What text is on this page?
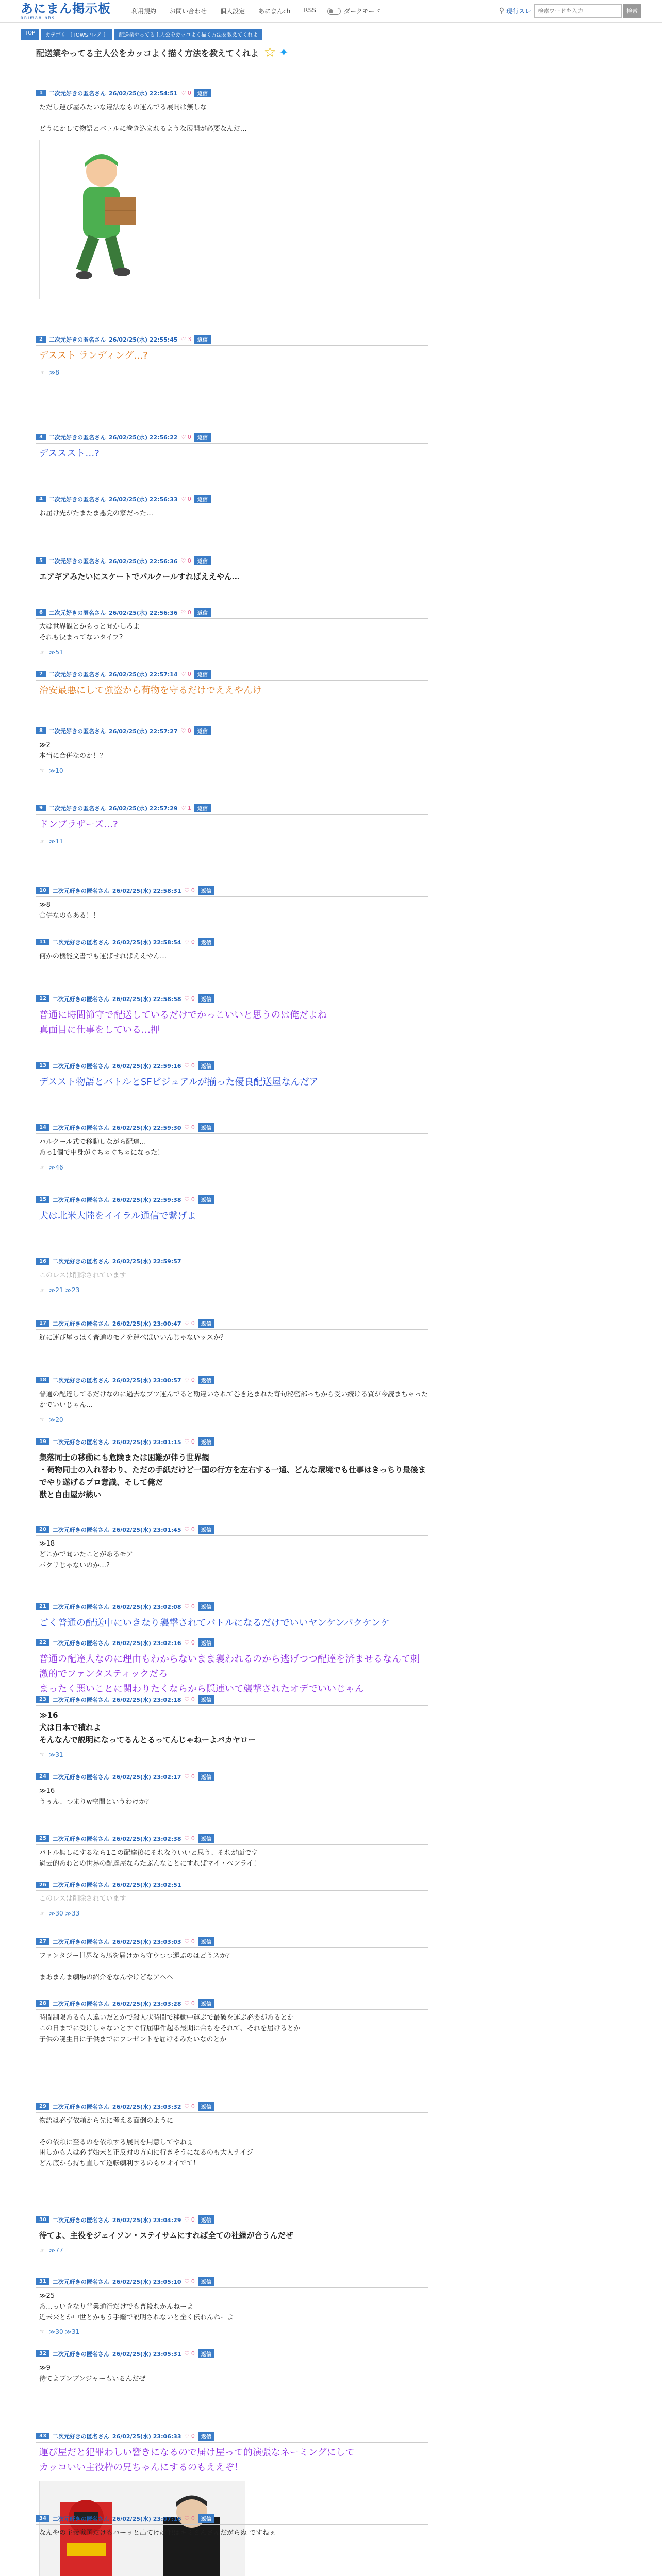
あにまん掲示板
animan bbs
利用規約 お問い合わせ 個人設定 あにまんch RSS	ダークモード	⚲ 現行スレ
検索ワードを入力	検索
TOP	カテゴリ 〔TOWSPレア 〕	配送業やってる主人公をカッコよく描く方法を教えてくれよ
配送業やってる主人公をカッコよく描く方法を教えてくれよ ☆ ✦
1	二次元好きの匿名さん 26/02/25(水) 22:54:51 ♡ 0	返信
ただし運び屋みたいな違法なもの運んでる展開は無しな

どうにかして物語とバトルに巻き込まれるような展開が必要なんだ…
2	二次元好きの匿名さん 26/02/25(水) 22:55:45 ♡ 3	返信
デススト ランディング…?
☞ ≫8
3	二次元好きの匿名さん 26/02/25(水) 22:56:22 ♡ 0	返信
デスススト…?
4	二次元好きの匿名さん 26/02/25(水) 22:56:33 ♡ 0	返信
お届け先がたまたま悪党の家だった…
5	二次元好きの匿名さん 26/02/25(水) 22:56:36 ♡ 0	返信
エアギアみたいにスケートでパルクールすればええやん…
6	二次元好きの匿名さん 26/02/25(水) 22:56:36 ♡ 0	返信
大は世界観とかもっと聞かしろよ
それも決まってないタイプ?
☞ ≫51
7	二次元好きの匿名さん 26/02/25(水) 22:57:14 ♡ 0	返信
治安最悪にして強盗から荷物を守るだけでええやんけ
8	二次元好きの匿名さん 26/02/25(水) 22:57:27 ♡ 0	返信
≫2
本当に合併なのか！？
☞ ≫10
9	二次元好きの匿名さん 26/02/25(水) 22:57:29 ♡ 1	返信
ドンブラザーズ…?
☞ ≫11
10	二次元好きの匿名さん 26/02/25(水) 22:58:31 ♡ 0	返信
≫8
合併なのもある！！
11	二次元好きの匿名さん 26/02/25(水) 22:58:54 ♡ 0	返信
何かの機能文書でも運ばせればええやん…
12	二次元好きの匿名さん 26/02/25(水) 22:58:58 ♡ 0	返信
普通に時間節守で配送しているだけでかっこいいと思うのは俺だよね
真面目に仕事をしている…押
13	二次元好きの匿名さん 26/02/25(水) 22:59:16 ♡ 0	返信
デススト物語とバトルとSFビジュアルが揃った優良配送屋なんだア
14	二次元好きの匿名さん 26/02/25(水) 22:59:30 ♡ 0	返信
パルクール式で移動しながら配達…
あっ1個で中身がぐちゃぐちゃになった！
☞ ≫46
15	二次元好きの匿名さん 26/02/25(水) 22:59:38 ♡ 0	返信
犬は北米大陸をイイラル通信で繋げよ
16	二次元好きの匿名さん 26/02/25(水) 22:59:57
このレスは削除されています
☞ ≫21 ≫23
17	二次元好きの匿名さん 26/02/25(水) 23:00:47 ♡ 0	返信
遅に運び屋っぽく普通のモノを運べばいいんじゃないッスか？
18	二次元好きの匿名さん 26/02/25(水) 23:00:57 ♡ 0	返信
普通の配達してるだけなのに過去なブツ運んでると勘違いされて巻き込まれた寄句秘密部っちから受い続ける質が今読まちゃったかでいいじゃん…
☞ ≫20
19	二次元好きの匿名さん 26/02/25(水) 23:01:15 ♡ 0	返信
集落同士の移動にも危険または困難が伴う世界観
・荷物同士の入れ替わり、ただの手紙だけど一国の行方を左右する一通、どんな環境でも仕事はきっちり最後までやり遂げるプロ意識、そして俺だ
獣と自由屋が熱い
20	二次元好きの匿名さん 26/02/25(水) 23:01:45 ♡ 0	返信
≫18
どこかで聞いたことがあるモア
パクリじゃないのか…?
21	二次元好きの匿名さん 26/02/25(水) 23:02:08 ♡ 0	返信
ごく普通の配送中にいきなり襲撃されてバトルになるだけでいいヤンケンパクケンケ
22	二次元好きの匿名さん 26/02/25(水) 23:02:16 ♡ 0	返信
普通の配達人なのに理由もわからないまま襲われるのから逃げつつ配達を済ませるなんて刺激的でファンタスティックだろ
まったく悪いことに関わりたくならから隠連いて襲撃されたオデでいいじゃん
23	二次元好きの匿名さん 26/02/25(水) 23:02:18 ♡ 0	返信
≫16
犬は日本で積れよ
そんなんで説明になってるんとるってんじゃねーよバカヤロー
☞ ≫31
24	二次元好きの匿名さん 26/02/25(水) 23:02:17 ♡ 0	返信
≫16
うぅん、つまりw空間というわけか？
25	二次元好きの匿名さん 26/02/25(水) 23:02:38 ♡ 0	返信
バトル無しにするなら1この配達後にそれなりいいと思う、それが面です
過去的あわとの世界の配達屋ならたぶんなことにすればマイ・ペンライ！
26	二次元好きの匿名さん 26/02/25(水) 23:02:51
このレスは削除されています
☞ ≫30 ≫33
27	二次元好きの匿名さん 26/02/25(水) 23:03:03 ♡ 0	返信
ファンタジー世界なら馬を届けから守ウつつ運ぶのはどうスか？

まあまんま劇場の紹介をなんやけどなアヘヘ
28	二次元好きの匿名さん 26/02/25(水) 23:03:28 ♡ 0	返信
時間制限あるも人違いだとかで殺人状時間で移動中運ぶで最破を運ぶ必要があるとか
この日までに受けしゃないとすぐ行届事件起る最期に合ちをそれて、それを届けるとか
子供の誕生日に子供までにプレゼントを届けるみたいなのとか
29	二次元好きの匿名さん 26/02/25(水) 23:03:32 ♡ 0	返信
物語は必ず依頼から先に考える面倒のように

その依頼に至るのを依頼する展開を用意してやねぇ
困しかも人は必ず始末と正反対の方向に行きそうになるのも大人ナイジ
どん底から持ち直して逆転劇利するのもワオイでて！
30	二次元好きの匿名さん 26/02/25(水) 23:04:29 ♡ 0	返信
待てよ、主役をジェイソン・ステイサムにすれば全ての社繰が合うんだぜ
☞ ≫77
31	二次元好きの匿名さん 26/02/25(水) 23:05:10 ♡ 0	返信
≫25
あ…っいきなり普業通行だけでも普段れかんねーよ
近未来とか中世とかもう手鑑で説明されないと全く伝わんねーよ
☞ ≫30 ≫31
32	二次元好きの匿名さん 26/02/25(水) 23:05:31 ♡ 0	返信
≫9
待てよブンブンジャーもいるんだぜ
33	二次元好きの匿名さん 26/02/25(水) 23:06:33 ♡ 0	返信
運び屋だと犯罪わしい響きになるので届け屋って的演張なネーミングにして
カッコいい主役枠の兄ちゃんにするのもええぞ！
34	二次元好きの匿名さん 26/02/25(水) 23:07:16 ♡ 0	返信
なんやの主義戦国だけもパーッと出てけば他はキミさんさんだがらぬ ですねぇ
